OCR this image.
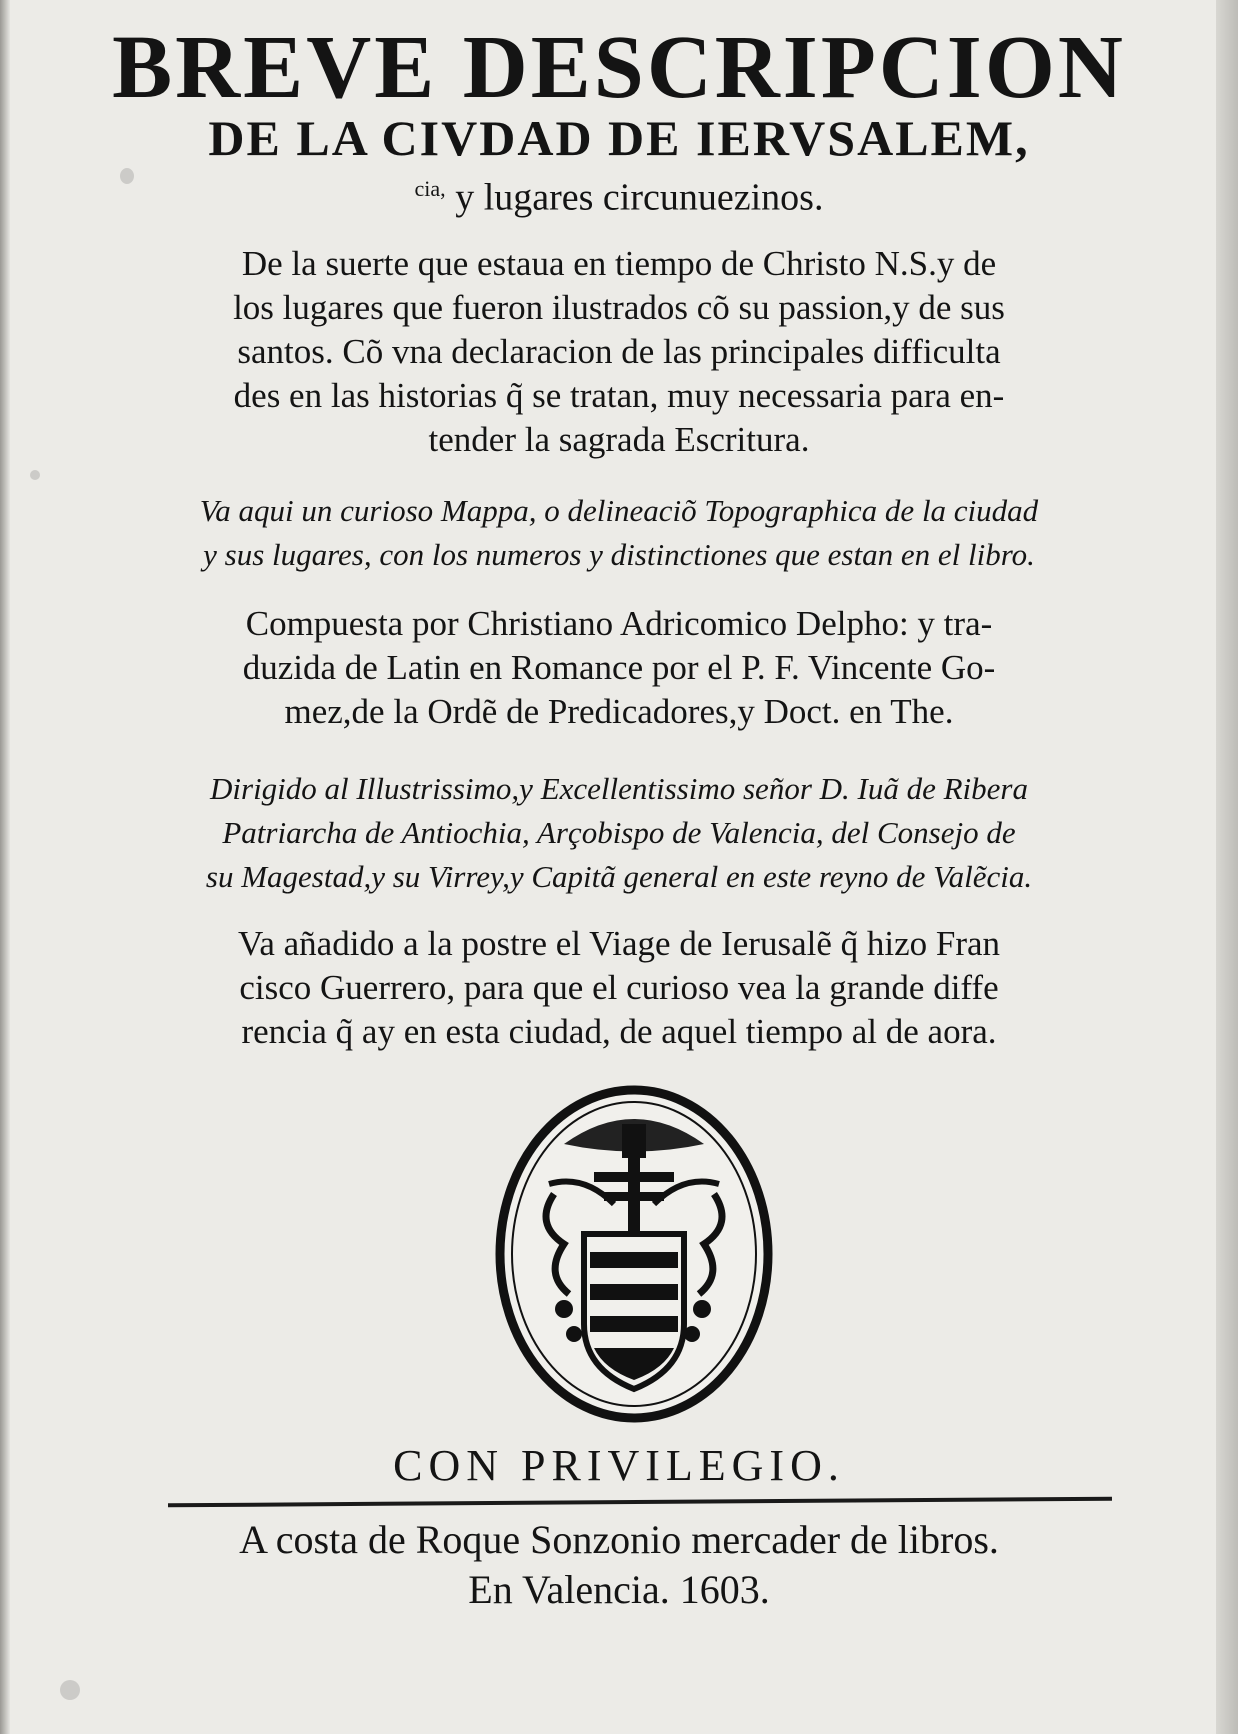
BREVE DESCRIPCION
DE LA CIVDAD DE IERVSALEM,
$^{cia,}$ y lugares circunuezinos.
De la suerte que estaua en tiempo de Christo N.S.y de
los lugares que fueron ilustrados cõ su passion,y de sus
santos. Cõ vna declaracion de las principales difficulta
des en las historias q̃ se tratan, muy necessaria para en-
tender la sagrada Escritura.
Va aqui un curioso Mappa, o delineaciõ Topographica de la ciudad
y sus lugares, con los numeros y distinctiones que estan en el libro.
Compuesta por Christiano Adricomico Delpho: y tra-
duzida de Latin en Romance por el P. F. Vincente Go-
mez,de la Ordẽ de Predicadores,y Doct. en The.
Dirigido al Illustrissimo,y Excellentissimo señor D. Iuã de Ribera
Patriarcha de Antiochia, Arçobispo de Valencia, del Consejo de
su Magestad,y su Virrey,y Capitã general en este reyno de Valẽcia.
Va añadido a la postre el Viage de Ierusalẽ q̃ hizo Fran
cisco Guerrero, para que el curioso vea la grande diffe
rencia q̃ ay en esta ciudad, de aquel tiempo al de aora.
CON PRIVILEGIO.
A costa de Roque Sonzonio mercader de libros.
En Valencia. 1603.
